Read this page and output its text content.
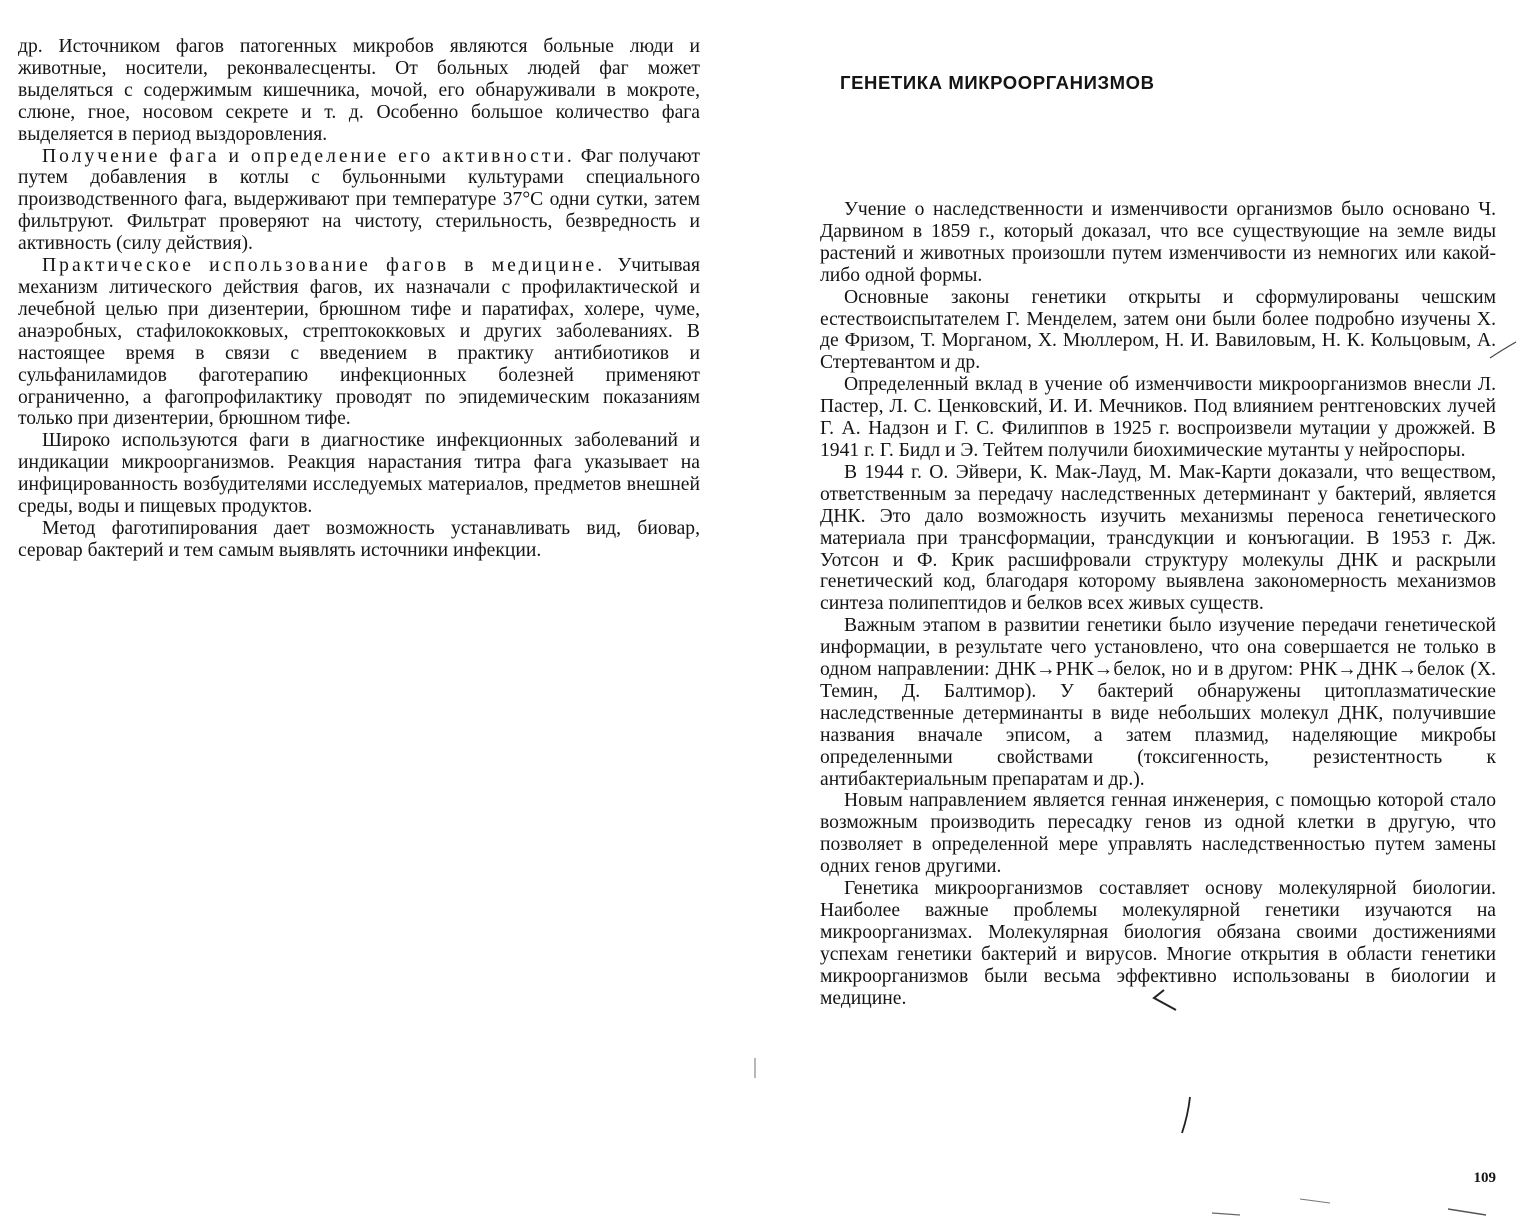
др. Источником фагов патогенных микробов являются больные люди и животные, носители, реконвалесценты. От больных людей фаг может выделяться с содержимым кишечника, мочой, его обнаруживали в мокроте, слюне, гное, носовом секрете и т. д. Особенно большое количество фага выделяется в период выздоровления.

Получение фага и определение его активности. Фаг получают путем добавления в котлы с бульонными культурами специального производственного фага, выдерживают при температуре 37°С одни сутки, затем фильтруют. Фильтрат проверяют на чистоту, стерильность, безвредность и активность (силу действия).

Практическое использование фагов в медицине. Учитывая механизм литического действия фагов, их назначали с профилактической и лечебной целью при дизентерии, брюшном тифе и паратифах, холере, чуме, анаэробных, стафилококковых, стрептококковых и других заболеваниях. В настоящее время в связи с введением в практику антибиотиков и сульфаниламидов фаготерапию инфекционных болезней применяют ограниченно, а фагопрофилактику проводят по эпидемическим показаниям только при дизентерии, брюшном тифе.

Широко используются фаги в диагностике инфекционных заболеваний и индикации микроорганизмов. Реакция нарастания титра фага указывает на инфицированность возбудителями исследуемых материалов, предметов внешней среды, воды и пищевых продуктов.

Метод фаготипирования дает возможность устанавливать вид, биовар, серовар бактерий и тем самым выявлять источники инфекции.

ГЕНЕТИКА МИКРООРГАНИЗМОВ

Учение о наследственности и изменчивости организмов было основано Ч. Дарвином в 1859 г., который доказал, что все существующие на земле виды растений и животных произошли путем изменчивости из немногих или какой-либо одной формы.

Основные законы генетики открыты и сформулированы чешским естествоиспытателем Г. Менделем, затем они были более подробно изучены Х. де Фризом, Т. Морганом, Х. Мюллером, Н. И. Вавиловым, Н. К. Кольцовым, А. Стертевантом и др.

Определенный вклад в учение об изменчивости микроорганизмов внесли Л. Пастер, Л. С. Ценковский, И. И. Мечников. Под влиянием рентгеновских лучей Г. А. Надзон и Г. С. Филиппов в 1925 г. воспроизвели мутации у дрожжей. В 1941 г. Г. Бидл и Э. Тейтем получили биохимические мутанты у нейроспоры.

В 1944 г. О. Эйвери, К. Мак-Лауд, М. Мак-Карти доказали, что веществом, ответственным за передачу наследственных детерминант у бактерий, является ДНК. Это дало возможность изучить механизмы переноса генетического материала при трансформации, трансдукции и конъюгации. В 1953 г. Дж. Уотсон и Ф. Крик расшифровали структуру молекулы ДНК и раскрыли генетический код, благодаря которому выявлена закономерность механизмов синтеза полипептидов и белков всех живых существ.

Важным этапом в развитии генетики было изучение передачи генетической информации, в результате чего установлено, что она совершается не только в одном направлении: ДНК→РНК→белок, но и в другом: РНК→ДНК→белок (Х. Темин, Д. Балтимор). У бактерий обнаружены цитоплазматические наследственные детерминанты в виде небольших молекул ДНК, получившие названия вначале эписом, а затем плазмид, наделяющие микробы определенными свойствами (токсигенность, резистентность к антибактериальным препаратам и др.).

Новым направлением является генная инженерия, с помощью которой стало возможным производить пересадку генов из одной клетки в другую, что позволяет в определенной мере управлять наследственностью путем замены одних генов другими.

Генетика микроорганизмов составляет основу молекулярной биологии. Наиболее важные проблемы молекулярной генетики изучаются на микроорганизмах. Молекулярная биология обязана своими достижениями успехам генетики бактерий и вирусов. Многие открытия в области генетики микроорганизмов были весьма эффективно использованы в биологии и медицине.

109
